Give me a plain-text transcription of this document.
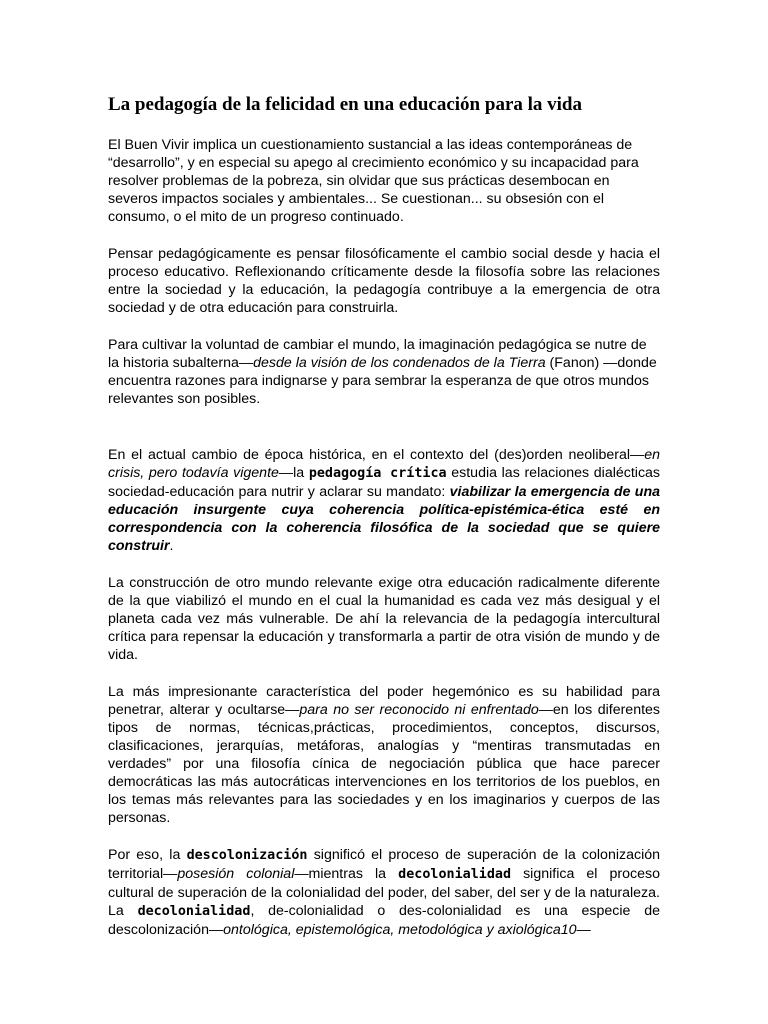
La pedagogía de la felicidad en una educación para la vida

El Buen Vivir implica un cuestionamiento sustancial a las ideas contemporáneas de “desarrollo”, y en especial su apego al crecimiento económico y su incapacidad para resolver problemas de la pobreza, sin olvidar que sus prácticas desembocan en severos impactos sociales y ambientales... Se cuestionan... su obsesión con el consumo, o el mito de un progreso continuado.

Pensar pedagógicamente es pensar filosóficamente el cambio social desde y hacia el proceso educativo. Reflexionando críticamente desde la filosofía sobre las relaciones entre la sociedad y la educación, la pedagogía contribuye a la emergencia de otra sociedad y de otra educación para construirla.

Para cultivar la voluntad de cambiar el mundo, la imaginación pedagógica se nutre de la historia subalterna—desde la visión de los condenados de la Tierra (Fanon) —donde encuentra razones para indignarse y para sembrar la esperanza de que otros mundos relevantes son posibles.

En el actual cambio de época histórica, en el contexto del (des)orden neoliberal—en crisis, pero todavía vigente—la pedagogía crítica estudia las relaciones dialécticas sociedad-educación para nutrir y aclarar su mandato: viabilizar la emergencia de una educación insurgente cuya coherencia política-epistémica-ética esté en correspondencia con la coherencia filosófica de la sociedad que se quiere construir.

La construcción de otro mundo relevante exige otra educación radicalmente diferente de la que viabilizó el mundo en el cual la humanidad es cada vez más desigual y el planeta cada vez más vulnerable. De ahí la relevancia de la pedagogía intercultural crítica para repensar la educación y transformarla a partir de otra visión de mundo y de vida.

La más impresionante característica del poder hegemónico es su habilidad para penetrar, alterar y ocultarse—para no ser reconocido ni enfrentado—en los diferentes tipos de normas, técnicas,prácticas, procedimientos, conceptos, discursos, clasificaciones, jerarquías, metáforas, analogías y “mentiras transmutadas en verdades” por una filosofía cínica de negociación pública que hace parecer democráticas las más autocráticas intervenciones en los territorios de los pueblos, en los temas más relevantes para las sociedades y en los imaginarios y cuerpos de las personas.

Por eso, la descolonización significó el proceso de superación de la colonización territorial—posesión colonial—mientras la decolonialidad significa el proceso cultural de superación de la colonialidad del poder, del saber, del ser y de la naturaleza. La decolonialidad, de-colonialidad o des-colonialidad es una especie de descolonización—ontológica, epistemológica, metodológica y axiológica10—
